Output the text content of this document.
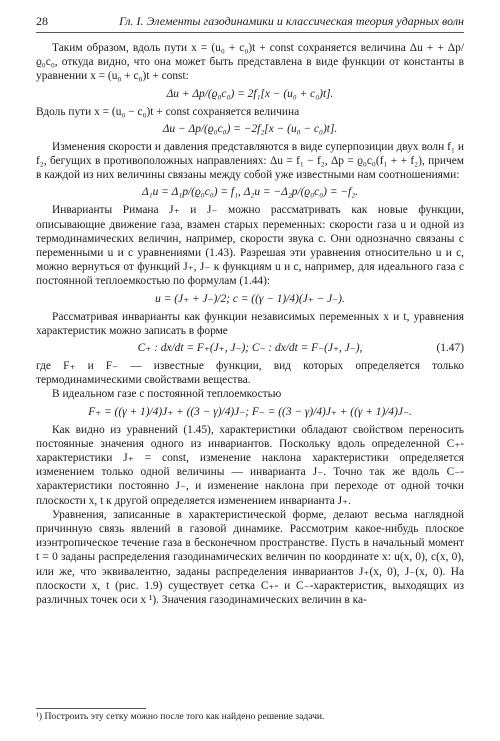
28	Гл. I. Элементы газодинамики и классическая теория ударных волн

Таким образом, вдоль пути x = (u₀ + c₀)t + const сохраняется величина Δu + + Δp/ϱ₀c₀, откуда видно, что она может быть представлена в виде функции от константы в уравнении x = (u₀ + c₀)t + const:

Δu + Δp/(ϱ₀c₀) = 2f₁[x − (u₀ + c₀)t].

Вдоль пути x = (u₀ − c₀)t + const сохраняется величина

Δu − Δp/(ϱ₀c₀) = −2f₂[x − (u₀ − c₀)t].

Изменения скорости и давления представляются в виде суперпозиции двух волн f₁ и f₂, бегущих в противоположных направлениях: Δu = f₁ − f₂, Δp = ϱ₀c₀(f₁ + + f₂), причем в каждой из них величины связаны между собой уже известными нам соотношениями:

Δ₁u = Δ₁p/(ϱ₀c₀) = f₁, Δ₂u = −Δ₂p/(ϱ₀c₀) = −f₂.

Инварианты Римана J₊ и J₋ можно рассматривать как новые функции, описывающие движение газа, взамен старых переменных: скорости газа u и одной из термодинамических величин, например, скорости звука c. Они однозначно связаны с переменными u и c уравнениями (1.43). Разрешая эти уравнения относительно u и c, можно вернуться от функций J₊, J₋ к функциям u и c, например, для идеального газа с постоянной теплоемкостью по формулам (1.44):

u = (J₊ + J₋)/2; c = ((γ − 1)/4)(J₊ − J₋).

Рассматривая инварианты как функции независимых переменных x и t, уравнения характеристик можно записать в форме

C₊ : dx/dt = F₊(J₊, J₋); C₋ : dx/dt = F₋(J₊, J₋),	(1.47)

где F₊ и F₋ — известные функции, вид которых определяется только термодинамическими свойствами вещества.

В идеальном газе с постоянной теплоемкостью

F₊ = ((γ + 1)/4)J₊ + ((3 − γ)/4)J₋; F₋ = ((3 − γ)/4)J₊ + ((γ + 1)/4)J₋.

Как видно из уравнений (1.45), характеристики обладают свойством переносить постоянные значения одного из инвариантов. Поскольку вдоль определенной C₊-характеристики J₊ = const, изменение наклона характеристики определяется изменением только одной величины — инварианта J₋. Точно так же вдоль C₋-характеристики постоянно J₋, и изменение наклона при переходе от одной точки плоскости x, t к другой определяется изменением инварианта J₊.

Уравнения, записанные в характеристической форме, делают весьма наглядной причинную связь явлений в газовой динамике. Рассмотрим какое-нибудь плоское изэнтропическое течение газа в бесконечном пространстве. Пусть в начальный момент t = 0 заданы распределения газодинамических величин по координате x: u(x, 0), c(x, 0), или же, что эквивалентно, заданы распределения инвариантов J₊(x, 0), J₋(x, 0). На плоскости x, t (рис. 1.9) существует сетка C₊- и C₋-характеристик, выходящих из различных точек оси x ¹). Значения газодинамических величин в ка-

¹) Построить эту сетку можно после того как найдено решение задачи.
